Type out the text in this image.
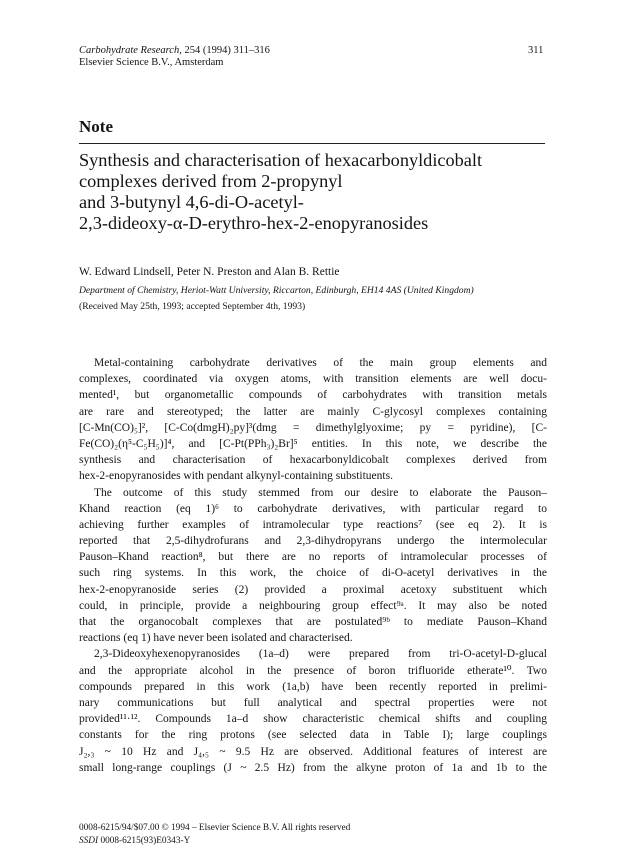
Carbohydrate Research, 254 (1994) 311–316
Elsevier Science B.V., Amsterdam
311
Note
Synthesis and characterisation of hexacarbonyldicobalt
complexes derived from 2-propynyl
and 3-butynyl 4,6-di-O-acetyl-
2,3-dideoxy-α-D-erythro-hex-2-enopyranosides
W. Edward Lindsell, Peter N. Preston and Alan B. Rettie
Department of Chemistry, Heriot-Watt University, Riccarton, Edinburgh, EH14 4AS (United Kingdom)
(Received May 25th, 1993; accepted September 4th, 1993)
Metal-containing carbohydrate derivatives of the main group elements and
complexes, coordinated via oxygen atoms, with transition elements are well docu-
mented¹, but organometallic compounds of carbohydrates with transition metals
are rare and stereotyped; the latter are mainly C-glycosyl complexes containing
[C-Mn(CO)₅]², [C-Co(dmgH)₂py]³(dmg = dimethylglyoxime; py = pyridine), [C-
Fe(CO)₂(η⁵-C₅H₅)]⁴, and [C-Pt(PPh₃)₂Br]⁵ entities. In this note, we describe the
synthesis and characterisation of hexacarbonyldicobalt complexes derived from
hex-2-enopyranosides with pendant alkynyl-containing substituents.
The outcome of this study stemmed from our desire to elaborate the Pauson–
Khand reaction (eq 1)⁶ to carbohydrate derivatives, with particular regard to
achieving further examples of intramolecular type reactions⁷ (see eq 2). It is
reported that 2,5-dihydrofurans and 2,3-dihydropyrans undergo the intermolecular
Pauson–Khand reaction⁸, but there are no reports of intramolecular processes of
such ring systems. In this work, the choice of di-O-acetyl derivatives in the
hex-2-enopyranoside series (2) provided a proximal acetoxy substituent which
could, in principle, provide a neighbouring group effect⁹ᵃ. It may also be noted
that the organocobalt complexes that are postulated⁹ᵇ to mediate Pauson–Khand
reactions (eq 1) have never been isolated and characterised.
2,3-Dideoxyhexenopyranosides (1a–d) were prepared from tri-O-acetyl-D-glucal
and the appropriate alcohol in the presence of boron trifluoride etherate¹⁰. Two
compounds prepared in this work (1a,b) have been recently reported in prelimi-
nary communications but full analytical and spectral properties were not
provided¹¹·¹². Compounds 1a–d show characteristic chemical shifts and coupling
constants for the ring protons (see selected data in Table I); large couplings
J₂,₃ ~ 10 Hz and J₄,₅ ~ 9.5 Hz are observed. Additional features of interest are
small long-range couplings (J ~ 2.5 Hz) from the alkyne proton of 1a and 1b to the
0008-6215/94/$07.00 © 1994 – Elsevier Science B.V. All rights reserved
SSDI 0008-6215(93)E0343-Y
